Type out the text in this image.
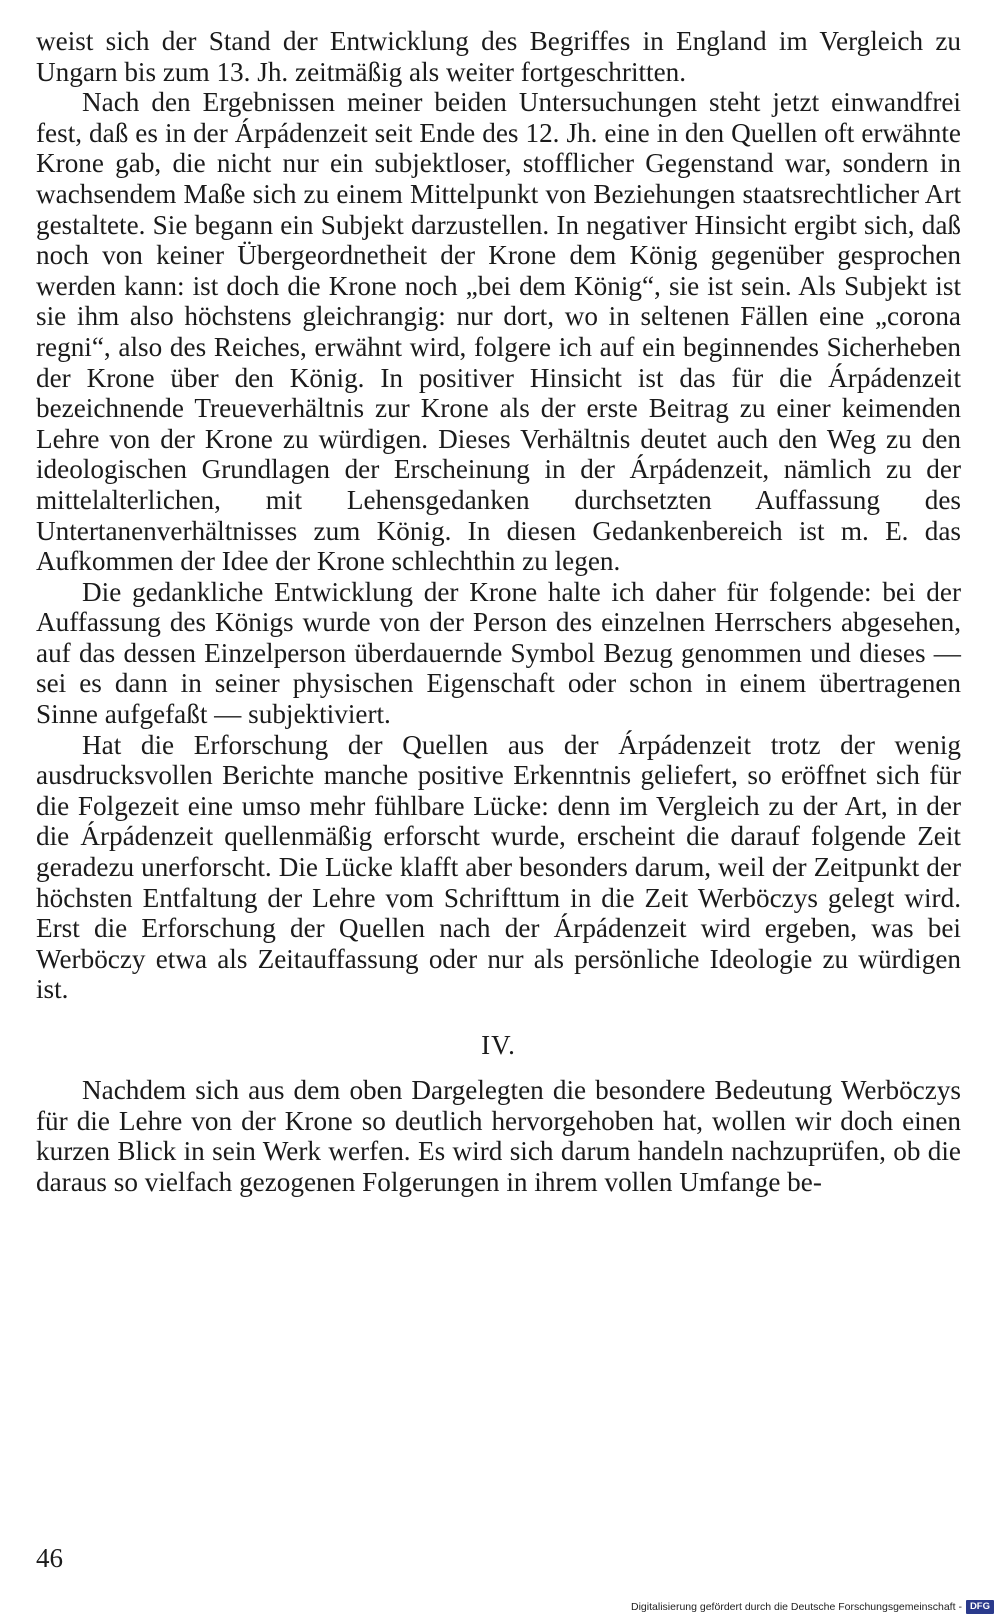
weist sich der Stand der Entwicklung des Begriffes in England im Vergleich zu Ungarn bis zum 13. Jh. zeitmäßig als weiter fortgeschritten.

Nach den Ergebnissen meiner beiden Untersuchungen steht jetzt einwandfrei fest, daß es in der Árpádenzeit seit Ende des 12. Jh. eine in den Quellen oft erwähnte Krone gab, die nicht nur ein subjektloser, stofflicher Gegenstand war, sondern in wachsendem Maße sich zu einem Mittelpunkt von Beziehungen staatsrechtlicher Art gestaltete. Sie begann ein Subjekt darzustellen. In negativer Hinsicht ergibt sich, daß noch von keiner Übergeordnetheit der Krone dem König gegenüber gesprochen werden kann: ist doch die Krone noch „bei dem König“, sie ist sein. Als Subjekt ist sie ihm also höchstens gleichrangig: nur dort, wo in seltenen Fällen eine „corona regni“, also des Reiches, erwähnt wird, folgere ich auf ein beginnendes Sicherheben der Krone über den König. In positiver Hinsicht ist das für die Árpádenzeit bezeichnende Treueverhältnis zur Krone als der erste Beitrag zu einer keimenden Lehre von der Krone zu würdigen. Dieses Verhältnis deutet auch den Weg zu den ideologischen Grundlagen der Erscheinung in der Árpádenzeit, nämlich zu der mittelalterlichen, mit Lehensgedanken durchsetzten Auffassung des Untertanenverhältnisses zum König. In diesen Gedankenbereich ist m. E. das Aufkommen der Idee der Krone schlechthin zu legen.

Die gedankliche Entwicklung der Krone halte ich daher für folgende: bei der Auffassung des Königs wurde von der Person des einzelnen Herrschers abgesehen, auf das dessen Einzelperson überdauernde Symbol Bezug genommen und dieses — sei es dann in seiner physischen Eigenschaft oder schon in einem übertragenen Sinne aufgefaßt — subjektiviert.

Hat die Erforschung der Quellen aus der Árpádenzeit trotz der wenig ausdrucksvollen Berichte manche positive Erkenntnis geliefert, so eröffnet sich für die Folgezeit eine umso mehr fühlbare Lücke: denn im Vergleich zu der Art, in der die Árpádenzeit quellenmäßig erforscht wurde, erscheint die darauf folgende Zeit geradezu unerforscht. Die Lücke klafft aber besonders darum, weil der Zeitpunkt der höchsten Entfaltung der Lehre vom Schrifttum in die Zeit Werböczys gelegt wird. Erst die Erforschung der Quellen nach der Árpádenzeit wird ergeben, was bei Werböczy etwa als Zeitauffassung oder nur als persönliche Ideologie zu würdigen ist.

IV.

Nachdem sich aus dem oben Dargelegten die besondere Bedeutung Werböczys für die Lehre von der Krone so deutlich hervorgehoben hat, wollen wir doch einen kurzen Blick in sein Werk werfen. Es wird sich darum handeln nachzuprüfen, ob die daraus so vielfach gezogenen Folgerungen in ihrem vollen Umfange be-

46
Digitalisierung gefördert durch die Deutsche Forschungsgemeinschaft - DFG
